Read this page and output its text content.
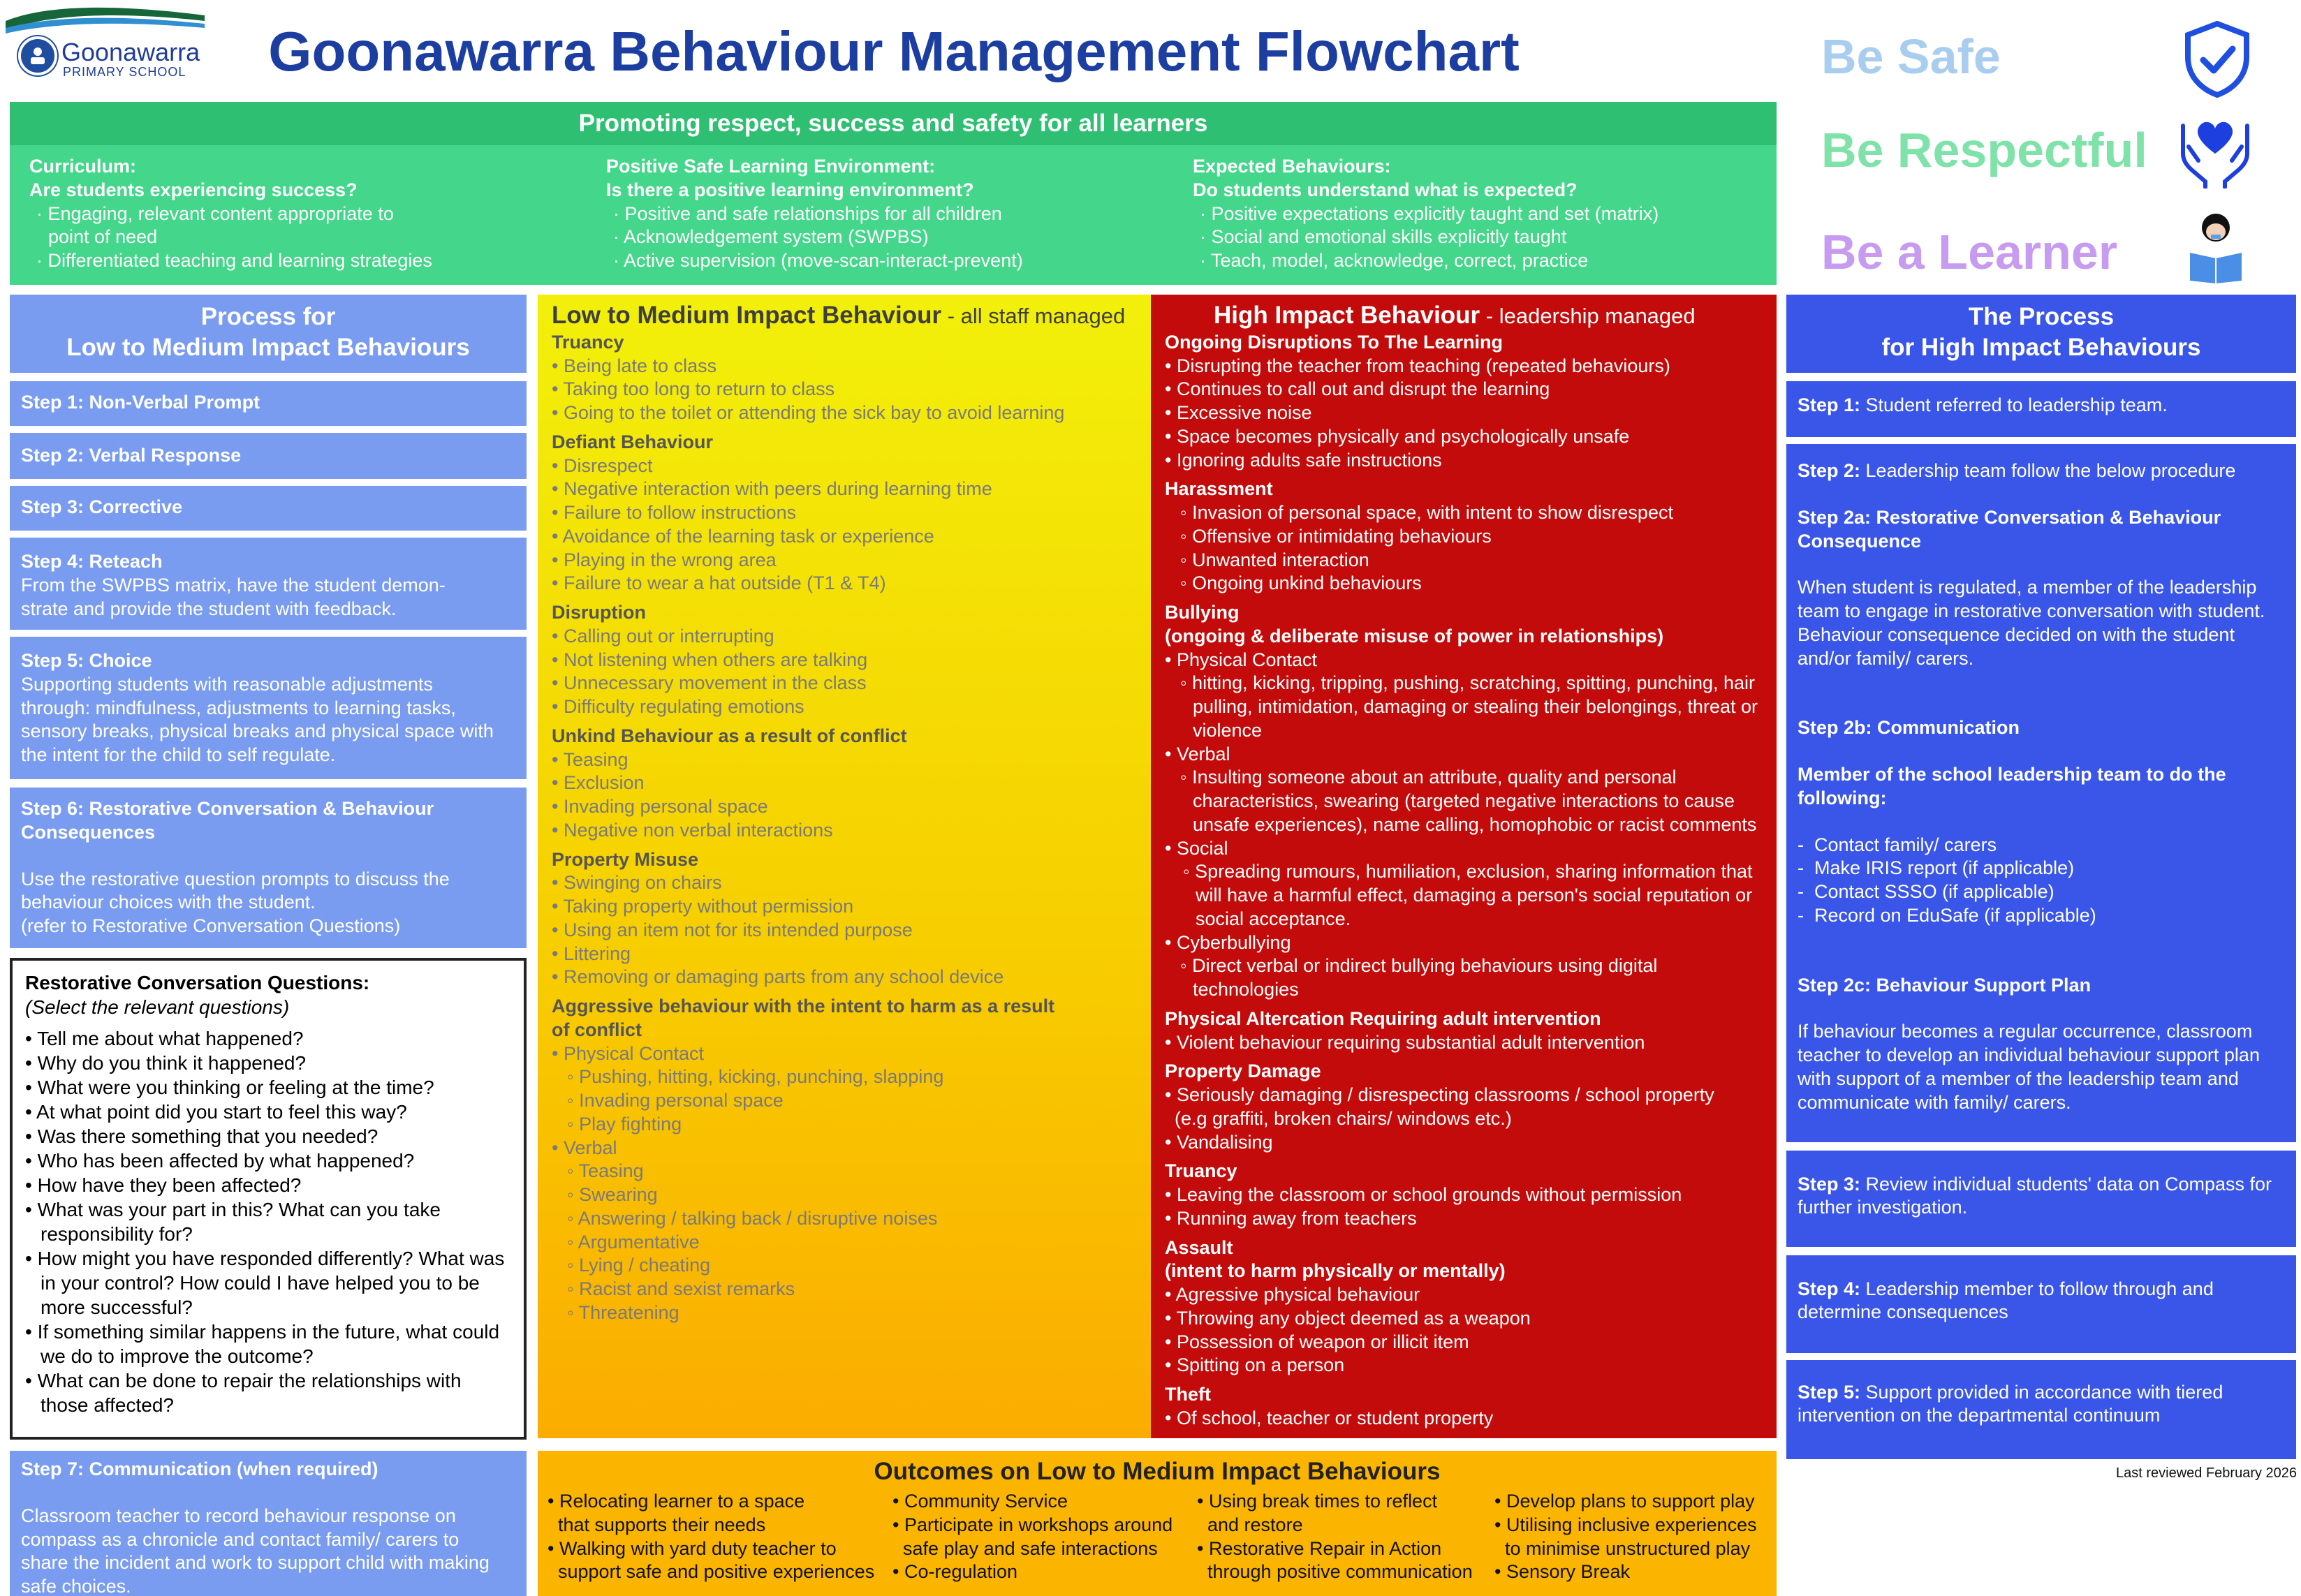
Goonawarra
PRIMARY SCHOOL	Goonawarra Behaviour Management Flowchart	Be Safe
Be Respectful
Be a Learner
Promoting respect, success and safety for all learners
Curriculum:
Are students experiencing success?
· Engaging, relevant content appropriate to
point of need
· Differentiated teaching and learning strategies
Positive Safe Learning Environment:
Is there a positive learning environment?
· Positive and safe relationships for all children
· Acknowledgement system (SWPBS)
· Active supervision (move-scan-interact-prevent)
Expected Behaviours:
Do students understand what is expected?
· Positive expectations explicitly taught and set (matrix)
· Social and emotional skills explicitly taught
· Teach, model, acknowledge, correct, practice
Process for
Low to Medium Impact Behaviours
Step 1: Non-Verbal Prompt
Step 2: Verbal Response
Step 3: Corrective
Step 4: Reteach
From the SWPBS matrix, have the student demon-strate and provide the student with feedback.
Step 5: Choice
Supporting students with reasonable adjustments through: mindfulness, adjustments to learning tasks, sensory breaks, physical breaks and physical space with the intent for the child to self regulate.
Step 6: Restorative Conversation & Behaviour Consequences
Use the restorative question prompts to discuss the behaviour choices with the student.
(refer to Restorative Conversation Questions)
Restorative Conversation Questions:
(Select the relevant questions)
• Tell me about what happened?
• Why do you think it happened?
• What were you thinking or feeling at the time?
• At what point did you start to feel this way?
• Was there something that you needed?
• Who has been affected by what happened?
• How have they been affected?
• What was your part in this? What can you take responsibility for?
• How might you have responded differently? What was in your control? How could I have helped you to be more successful?
• If something similar happens in the future, what could we do to improve the outcome?
• What can be done to repair the relationships with those affected?
Step 7: Communication (when required)
Classroom teacher to record behaviour response on compass as a chronicle and contact family/ carers to share the incident and work to support child with making safe choices.
Low to Medium Impact Behaviour - all staff managed
Truancy
• Being late to class
• Taking too long to return to class
• Going to the toilet or attending the sick bay to avoid learning
Defiant Behaviour
• Disrespect
• Negative interaction with peers during learning time
• Failure to follow instructions
• Avoidance of the learning task or experience
• Playing in the wrong area
• Failure to wear a hat outside (T1 & T4)
Disruption
• Calling out or interrupting
• Not listening when others are talking
• Unnecessary movement in the class
• Difficulty regulating emotions
Unkind Behaviour as a result of conflict
• Teasing
• Exclusion
• Invading personal space
• Negative non verbal interactions
Property Misuse
• Swinging on chairs
• Taking property without permission
• Using an item not for its intended purpose
• Littering
• Removing or damaging parts from any school device
Aggressive behaviour with the intent to harm as a result
of conflict
• Physical Contact
◦ Pushing, hitting, kicking, punching, slapping
◦ Invading personal space
◦ Play fighting
• Verbal
◦ Teasing
◦ Swearing
◦ Answering / talking back / disruptive noises
◦ Argumentative
◦ Lying / cheating
◦ Racist and sexist remarks
◦ Threatening
High Impact Behaviour - leadership managed
Ongoing Disruptions To The Learning
• Disrupting the teacher from teaching (repeated behaviours)
• Continues to call out and disrupt the learning
• Excessive noise
• Space becomes physically and psychologically unsafe
• Ignoring adults safe instructions
Harassment
◦ Invasion of personal space, with intent to show disrespect
◦ Offensive or intimidating behaviours
◦ Unwanted interaction
◦ Ongoing unkind behaviours
Bullying
(ongoing & deliberate misuse of power in relationships)
• Physical Contact
◦ hitting, kicking, tripping, pushing, scratching, spitting, punching, hair pulling, intimidation, damaging or stealing their belongings, threat or violence
• Verbal
◦ Insulting someone about an attribute, quality and personal characteristics, swearing (targeted negative interactions to cause unsafe experiences), name calling, homophobic or racist comments
• Social
◦ Spreading rumours, humiliation, exclusion, sharing information that will have a harmful effect, damaging a person's social reputation or social acceptance.
• Cyberbullying
◦ Direct verbal or indirect bullying behaviours using digital technologies
Physical Altercation Requiring adult intervention
• Violent behaviour requiring substantial adult intervention
Property Damage
• Seriously damaging / disrespecting classrooms / school property
(e.g graffiti, broken chairs/ windows etc.)
• Vandalising
Truancy
• Leaving the classroom or school grounds without permission
• Running away from teachers
Assault
(intent to harm physically or mentally)
• Agressive physical behaviour
• Throwing any object deemed as a weapon
• Possession of weapon or illicit item
• Spitting on a person
Theft
• Of school, teacher or student property
The Process
for High Impact Behaviours
Step 1: Student referred to leadership team.
Step 2: Leadership team follow the below procedure
Step 2a: Restorative Conversation & Behaviour Consequence
When student is regulated, a member of the leadership team to engage in restorative conversation with student. Behaviour consequence decided on with the student and/or family/ carers.
Step 2b: Communication
Member of the school leadership team to do the following:
-  Contact family/ carers
-  Make IRIS report (if applicable)
-  Contact SSSO (if applicable)
-  Record on EduSafe (if applicable)
Step 2c: Behaviour Support Plan
If behaviour becomes a regular occurrence, classroom teacher to develop an individual behaviour support plan with support of a member of the leadership team and communicate with family/ carers.
Step 3: Review individual students' data on Compass for further investigation.
Step 4: Leadership member to follow through and determine consequences
Step 5: Support provided in accordance with tiered intervention on the departmental continuum
Last reviewed February 2026
Outcomes on Low to Medium Impact Behaviours
• Relocating learner to a space
that supports their needs
• Walking with yard duty teacher to
support safe and positive experiences
• Community Service
• Participate in workshops around
safe play and safe interactions
• Co-regulation
• Using break times to reflect
and restore
• Restorative Repair in Action
through positive communication
• Develop plans to support play
• Utilising inclusive experiences
to minimise unstructured play
• Sensory Break
